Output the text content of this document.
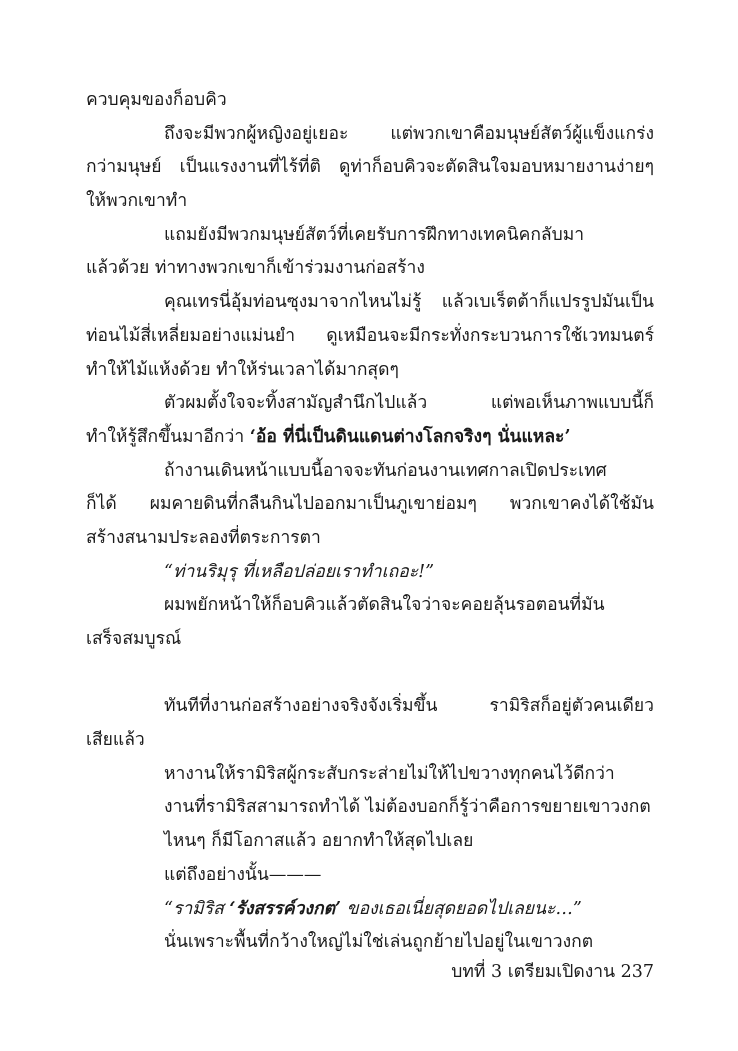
ควบคุมของก็อบคิว
ถึงจะมีพวกผู้หญิงอยู่เยอะ แต่พวกเขาคือมนุษย์สัตว์ผู้แข็งแกร่ง
กว่ามนุษย์ เป็นแรงงานที่ไร้ที่ติ ดูท่าก็อบคิวจะตัดสินใจมอบหมายงานง่ายๆ
ให้พวกเขาทำ
แถมยังมีพวกมนุษย์สัตว์ที่เคยรับการฝึกทางเทคนิคกลับมา
แล้วด้วย ท่าทางพวกเขาก็เข้าร่วมงานก่อสร้าง
คุณเทรนี่อุ้มท่อนซุงมาจากไหนไม่รู้ แล้วเบเร็ตต้าก็แปรรูปมันเป็น
ท่อนไม้สี่เหลี่ยมอย่างแม่นยำ ดูเหมือนจะมีกระทั่งกระบวนการใช้เวทมนตร์
ทำให้ไม้แห้งด้วย ทำให้ร่นเวลาได้มากสุดๆ
ตัวผมตั้งใจจะทิ้งสามัญสำนึกไปแล้ว แต่พอเห็นภาพแบบนี้ก็
ทำให้รู้สึกขึ้นมาอีกว่า ‘อ้อ ที่นี่เป็นดินแดนต่างโลกจริงๆ นั่นแหละ’
ถ้างานเดินหน้าแบบนี้อาจจะทันก่อนงานเทศกาลเปิดประเทศ
ก็ได้ ผมคายดินที่กลืนกินไปออกมาเป็นภูเขาย่อมๆ พวกเขาคงได้ใช้มัน
สร้างสนามประลองที่ตระการตา
“ท่านริมุรุ ที่เหลือปล่อยเราทำเถอะ!”
ผมพยักหน้าให้ก็อบคิวแล้วตัดสินใจว่าจะคอยลุ้นรอตอนที่มัน
เสร็จสมบูรณ์
ทันทีที่งานก่อสร้างอย่างจริงจังเริ่มขึ้น รามิริสก็อยู่ตัวคนเดียว
เสียแล้ว
หางานให้รามิริสผู้กระสับกระส่ายไม่ให้ไปขวางทุกคนไว้ดีกว่า
งานที่รามิริสสามารถทำได้ ไม่ต้องบอกก็รู้ว่าคือการขยายเขาวงกต
ไหนๆ ก็มีโอกาสแล้ว อยากทำให้สุดไปเลย
แต่ถึงอย่างนั้น———
“รามิริส ‘รังสรรค์วงกต’ ของเธอเนี่ยสุดยอดไปเลยนะ…”
นั่นเพราะพื้นที่กว้างใหญ่ไม่ใช่เล่นถูกย้ายไปอยู่ในเขาวงกต
บทที่ 3 เตรียมเปิดงาน 237
